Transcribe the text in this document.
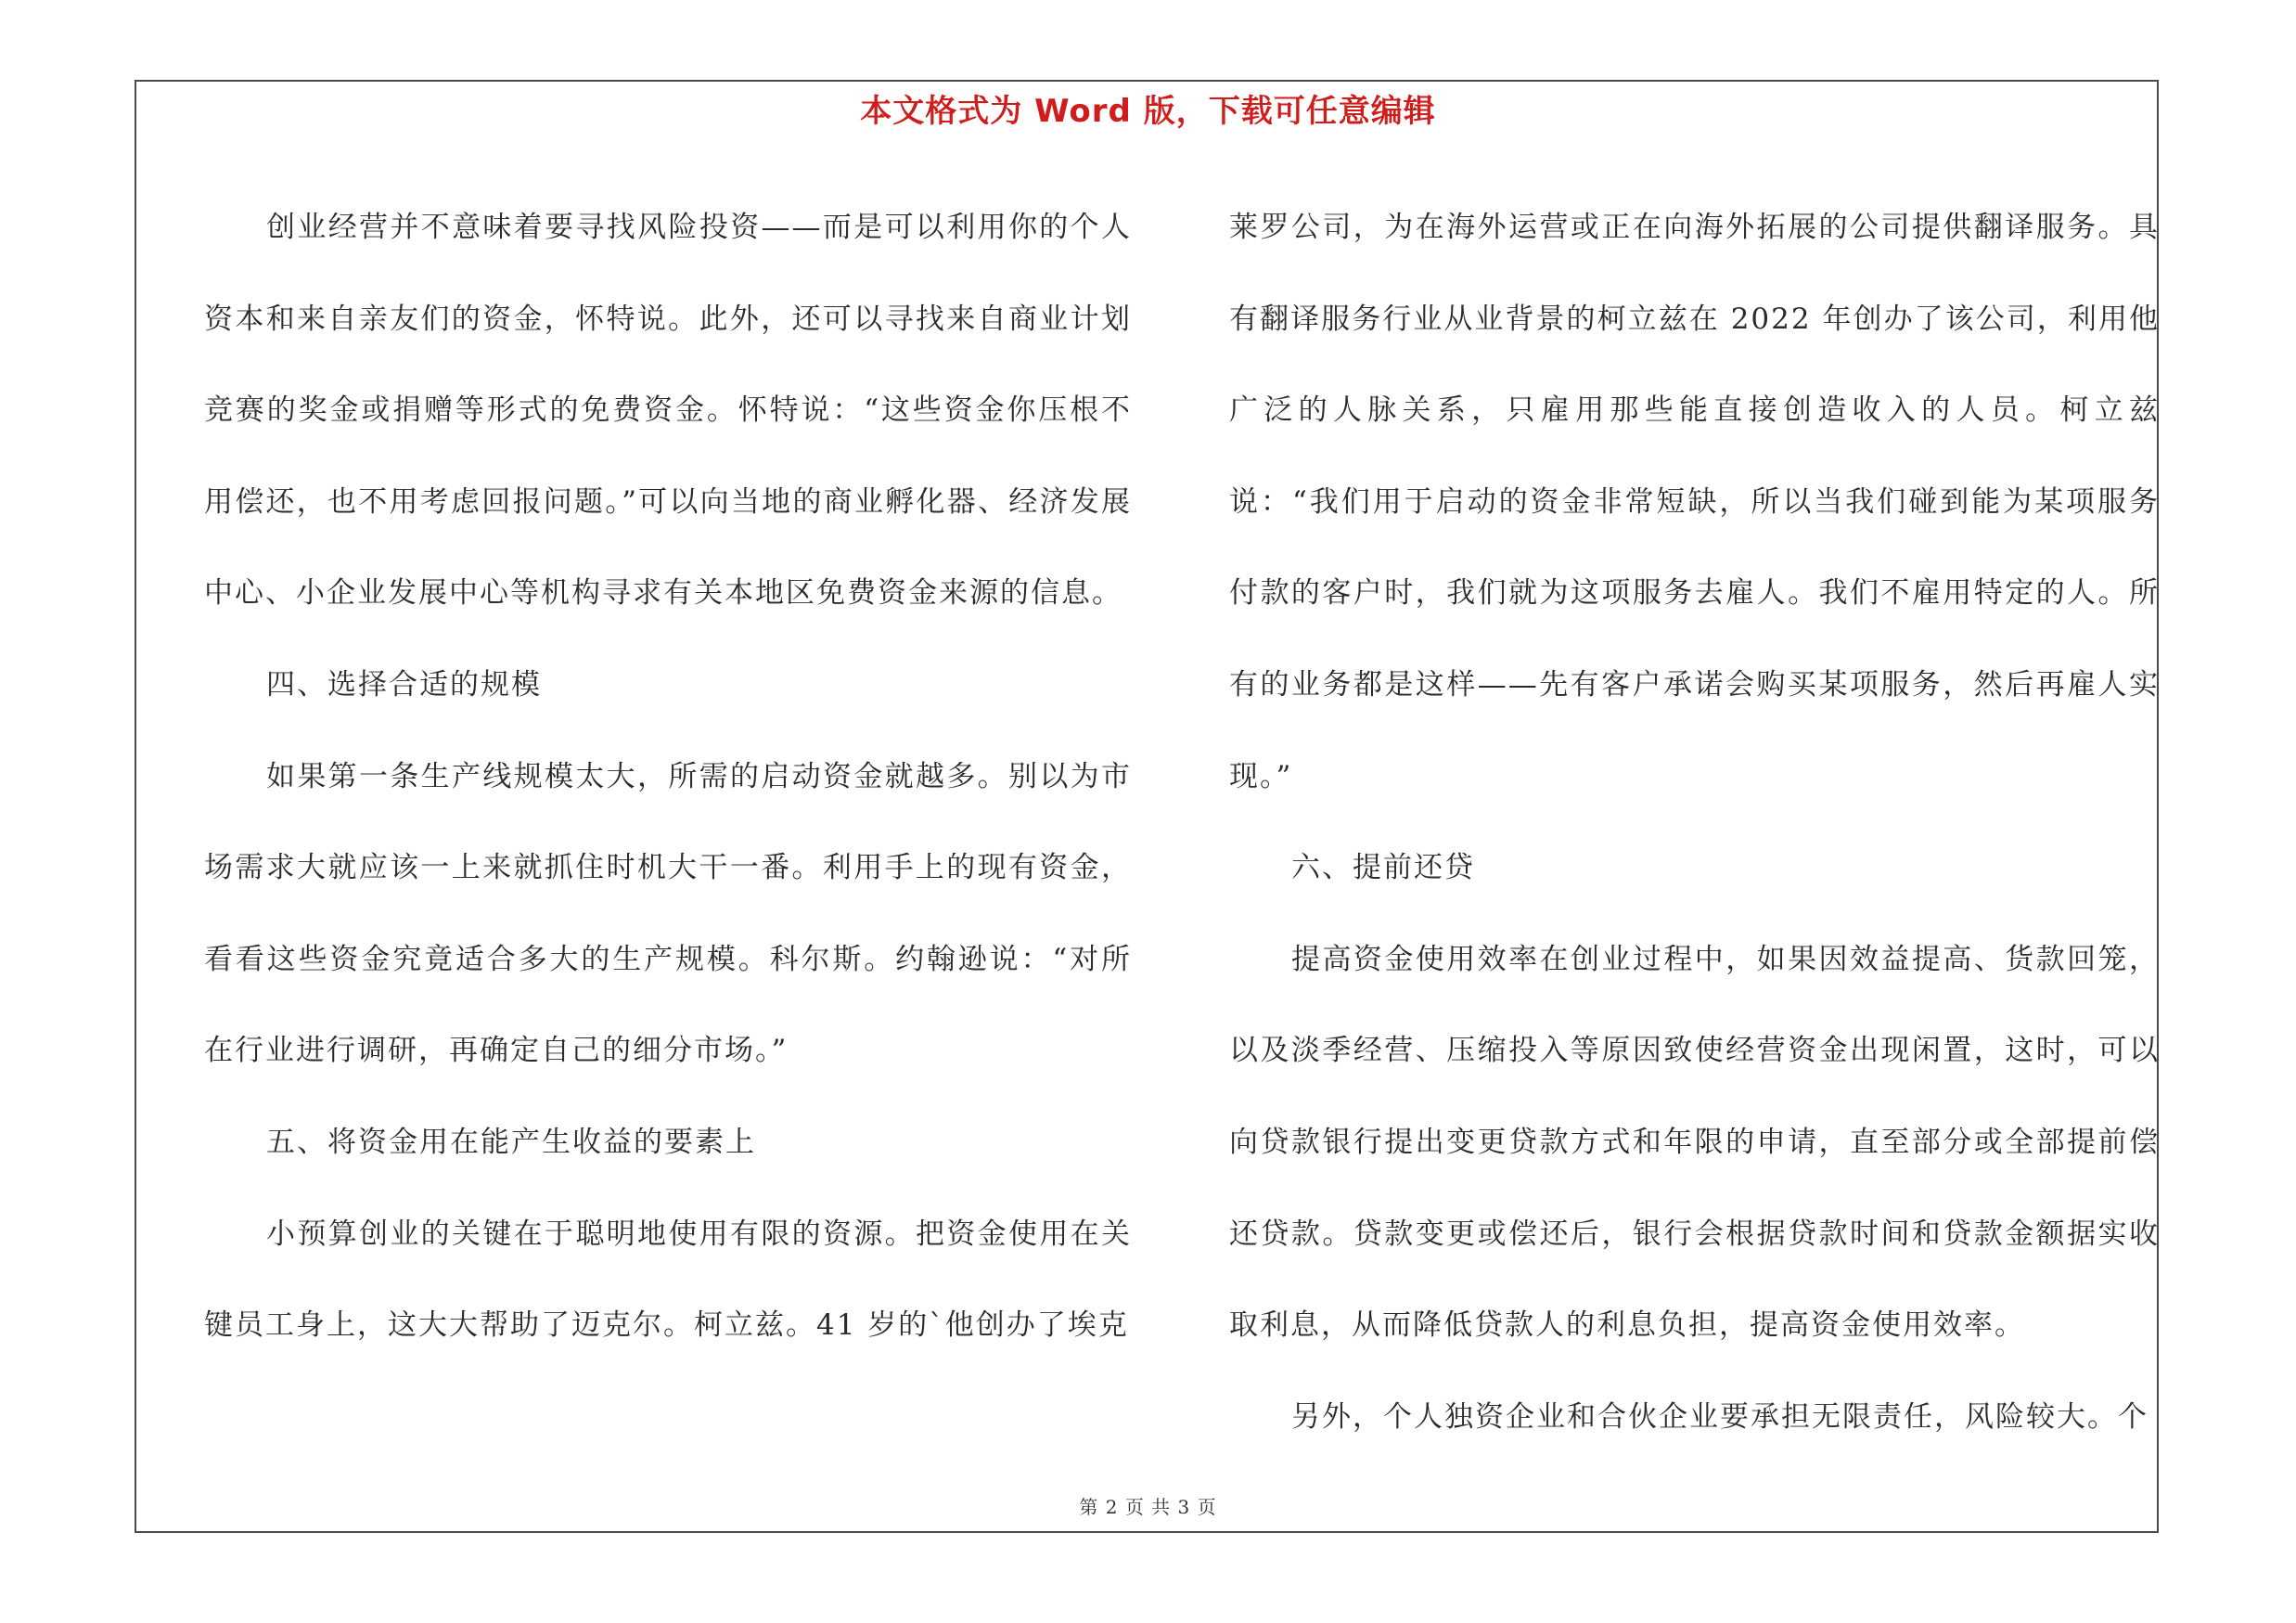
本文格式为 Word 版，下载可任意编辑

创业经营并不意味着要寻找风险投资——而是可以利用你的个人资本和来自亲友们的资金，怀特说。此外，还可以寻找来自商业计划竞赛的奖金或捐赠等形式的免费资金。怀特说：“这些资金你压根不用偿还，也不用考虑回报问题。”可以向当地的商业孵化器、经济发展中心、小企业发展中心等机构寻求有关本地区免费资金来源的信息。

四、选择合适的规模

如果第一条生产线规模太大，所需的启动资金就越多。别以为市场需求大就应该一上来就抓住时机大干一番。利用手上的现有资金，看看这些资金究竟适合多大的生产规模。科尔斯。约翰逊说：“对所在行业进行调研，再确定自己的细分市场。”

五、将资金用在能产生收益的要素上

小预算创业的关键在于聪明地使用有限的资源。把资金使用在关键员工身上，这大大帮助了迈克尔。柯立兹。41 岁的`他创办了埃克

莱罗公司，为在海外运营或正在向海外拓展的公司提供翻译服务。具有翻译服务行业从业背景的柯立兹在 2022 年创办了该公司，利用他广泛的人脉关系，只雇用那些能直接创造收入的人员。柯立兹说：“我们用于启动的资金非常短缺，所以当我们碰到能为某项服务付款的客户时，我们就为这项服务去雇人。我们不雇用特定的人。所有的业务都是这样——先有客户承诺会购买某项服务，然后再雇人实现。”

六、提前还贷

提高资金使用效率在创业过程中，如果因效益提高、货款回笼，以及淡季经营、压缩投入等原因致使经营资金出现闲置，这时，可以向贷款银行提出变更贷款方式和年限的申请，直至部分或全部提前偿还贷款。贷款变更或偿还后，银行会根据贷款时间和贷款金额据实收取利息，从而降低贷款人的利息负担，提高资金使用效率。

另外，个人独资企业和合伙企业要承担无限责任，风险较大。个

第 2 页 共 3 页
